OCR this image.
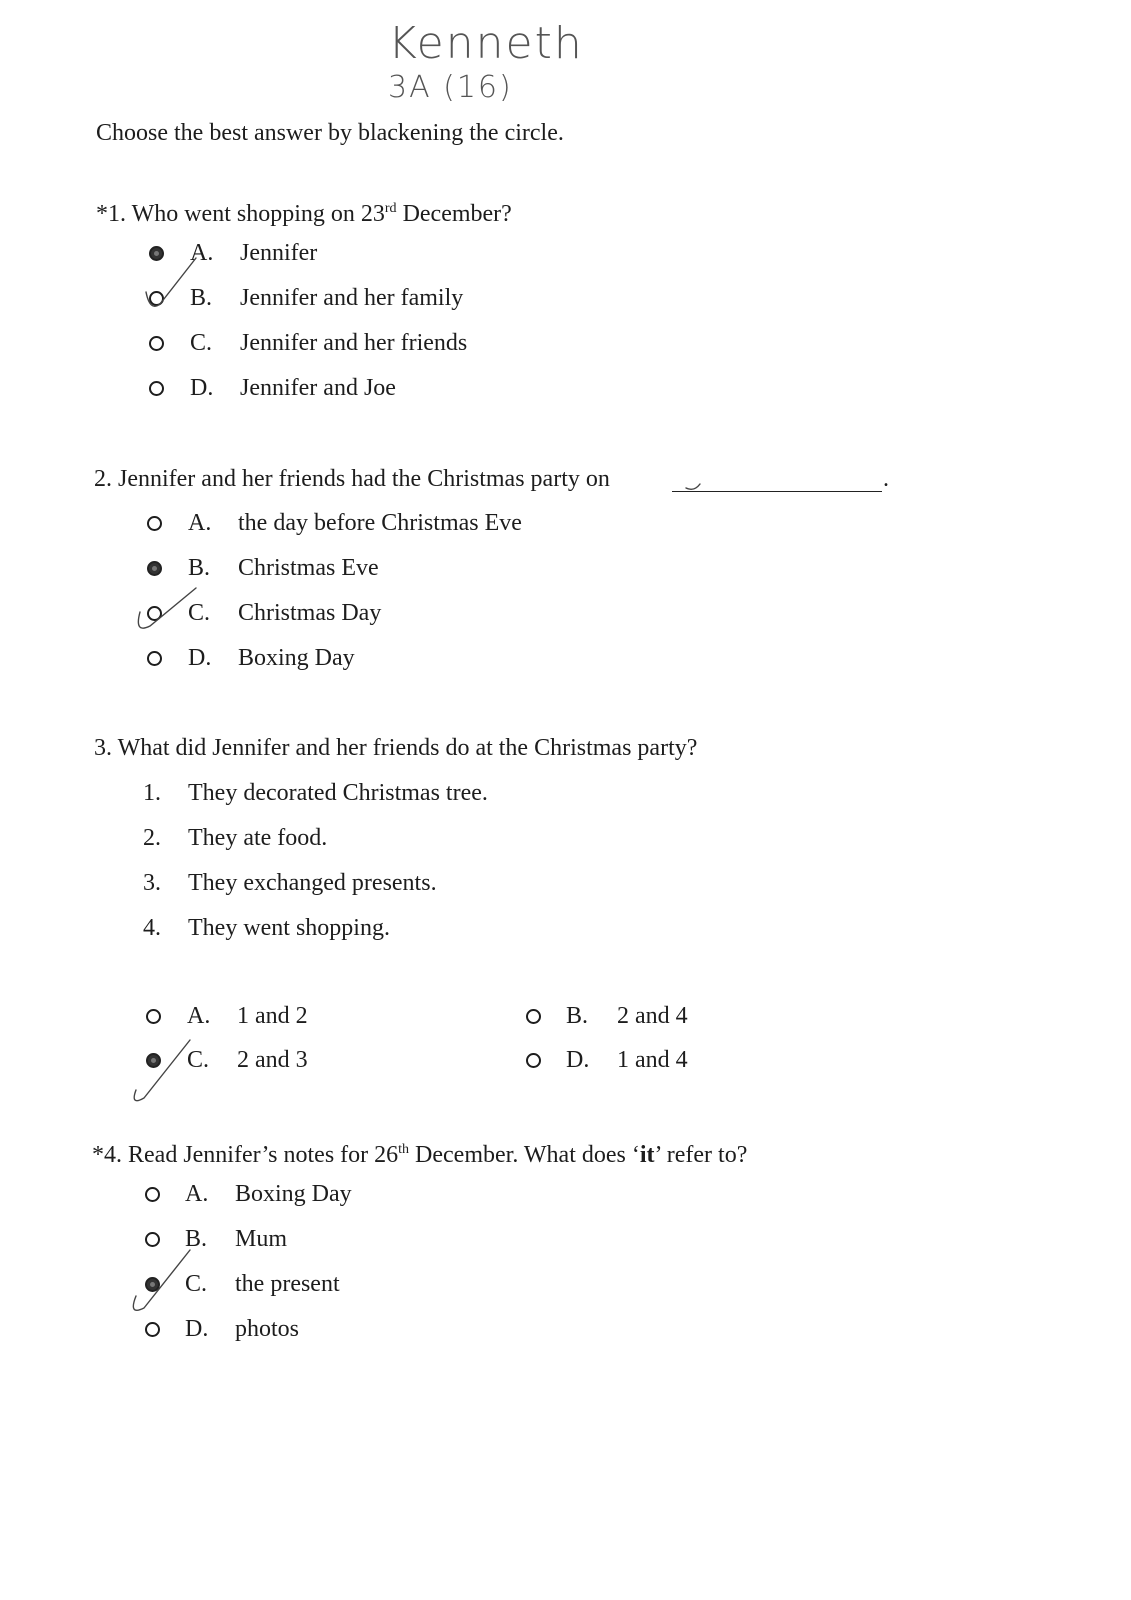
Kenneth
3A (16)
Choose the best answer by blackening the circle.
*1. Who went shopping on 23rd December?
A. Jennifer
B. Jennifer and her family
C. Jennifer and her friends
D. Jennifer and Joe
2. Jennifer and her friends had the Christmas party on	.
A. the day before Christmas Eve
B. Christmas Eve
C. Christmas Day
D. Boxing Day
3. What did Jennifer and her friends do at the Christmas party?
1. They decorated Christmas tree.
2. They ate food.
3. They exchanged presents.
4. They went shopping.
A. 1 and 2	B. 2 and 4
C. 2 and 3	D. 1 and 4
*4. Read Jennifer’s notes for 26th December. What does ‘it’ refer to?
A. Boxing Day
B. Mum
C. the present
D. photos
